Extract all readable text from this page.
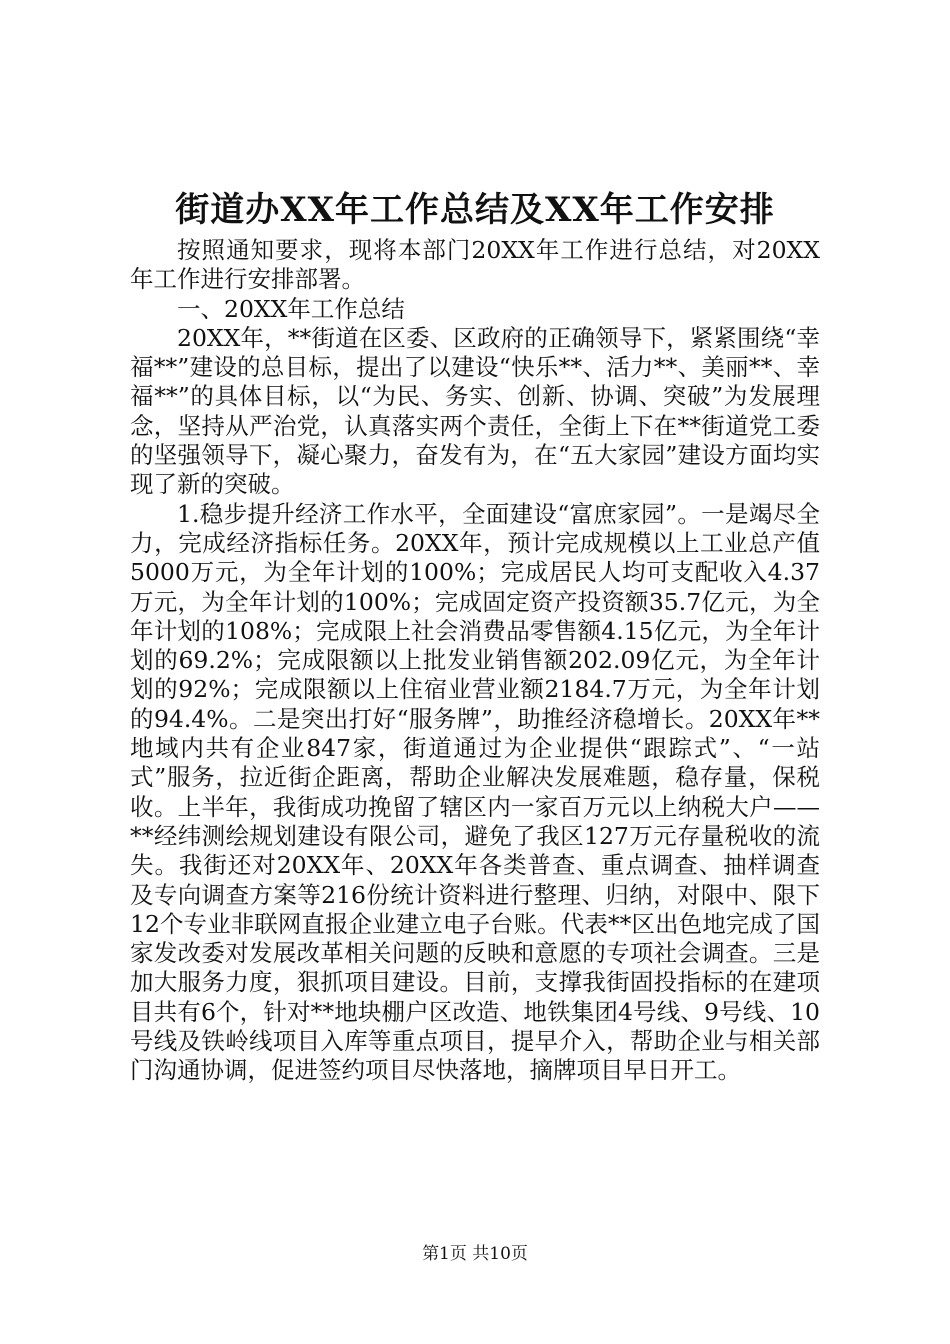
街道办XX年工作总结及XX年工作安排

按照通知要求，现将本部门20XX年工作进行总结，对20XX年工作进行安排部署。

一、20XX年工作总结

20XX年，**街道在区委、区政府的正确领导下，紧紧围绕“幸福**”建设的总目标，提出了以建设“快乐**、活力**、美丽**、幸福**”的具体目标，以“为民、务实、创新、协调、突破”为发展理念，坚持从严治党，认真落实两个责任，全街上下在**街道党工委的坚强领导下，凝心聚力，奋发有为，在“五大家园”建设方面均实现了新的突破。

1.稳步提升经济工作水平，全面建设“富庶家园”。一是竭尽全力，完成经济指标任务。20XX年，预计完成规模以上工业总产值5000万元，为全年计划的100%；完成居民人均可支配收入4.37万元，为全年计划的100%；完成固定资产投资额35.7亿元，为全年计划的108%；完成限上社会消费品零售额4.15亿元，为全年计划的69.2%；完成限额以上批发业销售额202.09亿元，为全年计划的92%；完成限额以上住宿业营业额2184.7万元，为全年计划的94.4%。二是突出打好“服务牌”，助推经济稳增长。20XX年**地域内共有企业847家，街道通过为企业提供“跟踪式”、“一站式”服务，拉近街企距离，帮助企业解决发展难题，稳存量，保税收。上半年，我街成功挽留了辖区内一家百万元以上纳税大户——**经纬测绘规划建设有限公司，避免了我区127万元存量税收的流失。我街还对20XX年、20XX年各类普查、重点调查、抽样调查及专向调查方案等216份统计资料进行整理、归纳，对限中、限下12个专业非联网直报企业建立电子台账。代表**区出色地完成了国家发改委对发展改革相关问题的反映和意愿的专项社会调查。三是加大服务力度，狠抓项目建设。目前，支撑我街固投指标的在建项目共有6个，针对**地块棚户区改造、地铁集团4号线、9号线、10号线及铁岭线项目入库等重点项目，提早介入，帮助企业与相关部门沟通协调，促进签约项目尽快落地，摘牌项目早日开工。

第1页 共10页
